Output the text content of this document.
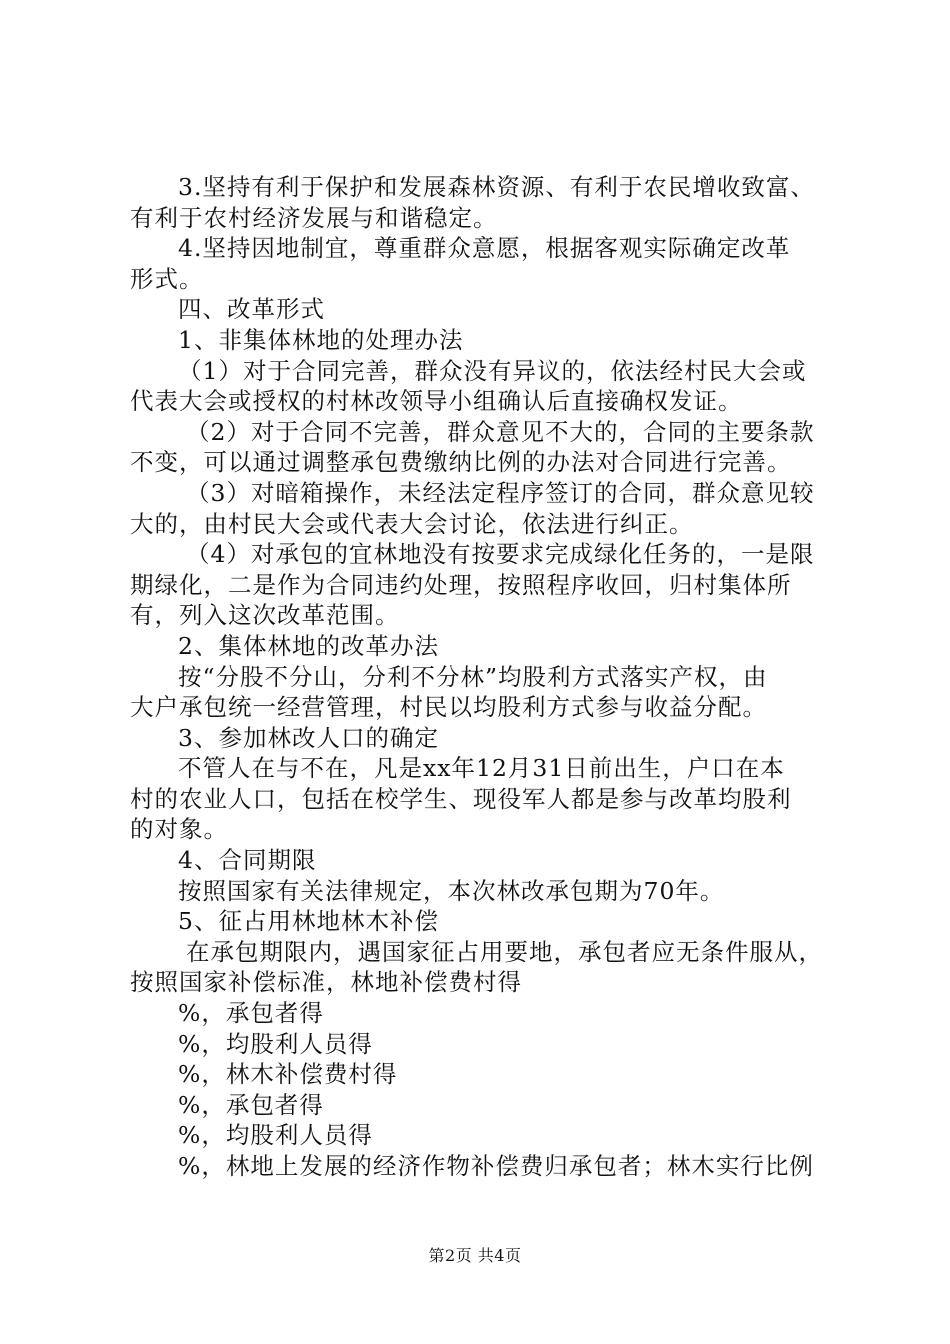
3.坚持有利于保护和发展森林资源、有利于农民增收致富、

有利于农村经济发展与和谐稳定。

4.坚持因地制宜，尊重群众意愿，根据客观实际确定改革

形式。

四、改革形式

1、非集体林地的处理办法

（1）对于合同完善，群众没有异议的，依法经村民大会或

代表大会或授权的村林改领导小组确认后直接确权发证。

（2）对于合同不完善，群众意见不大的，合同的主要条款

不变，可以通过调整承包费缴纳比例的办法对合同进行完善。

（3）对暗箱操作，未经法定程序签订的合同，群众意见较

大的，由村民大会或代表大会讨论，依法进行纠正。

（4）对承包的宜林地没有按要求完成绿化任务的，一是限

期绿化，二是作为合同违约处理，按照程序收回，归村集体所

有，列入这次改革范围。

2、集体林地的改革办法

按“分股不分山，分利不分林”均股利方式落实产权，由

大户承包统一经营管理，村民以均股利方式参与收益分配。

3、参加林改人口的确定

不管人在与不在，凡是xx年12月31日前出生，户口在本

村的农业人口，包括在校学生、现役军人都是参与改革均股利

的对象。

4、合同期限

按照国家有关法律规定，本次林改承包期为70年。

5、征占用林地林木补偿

在承包期限内，遇国家征占用要地，承包者应无条件服从，

按照国家补偿标准，林地补偿费村得

%，承包者得

%，均股利人员得

%，林木补偿费村得

%，承包者得

%，均股利人员得

%，林地上发展的经济作物补偿费归承包者；林木实行比例

第2页 共4页
